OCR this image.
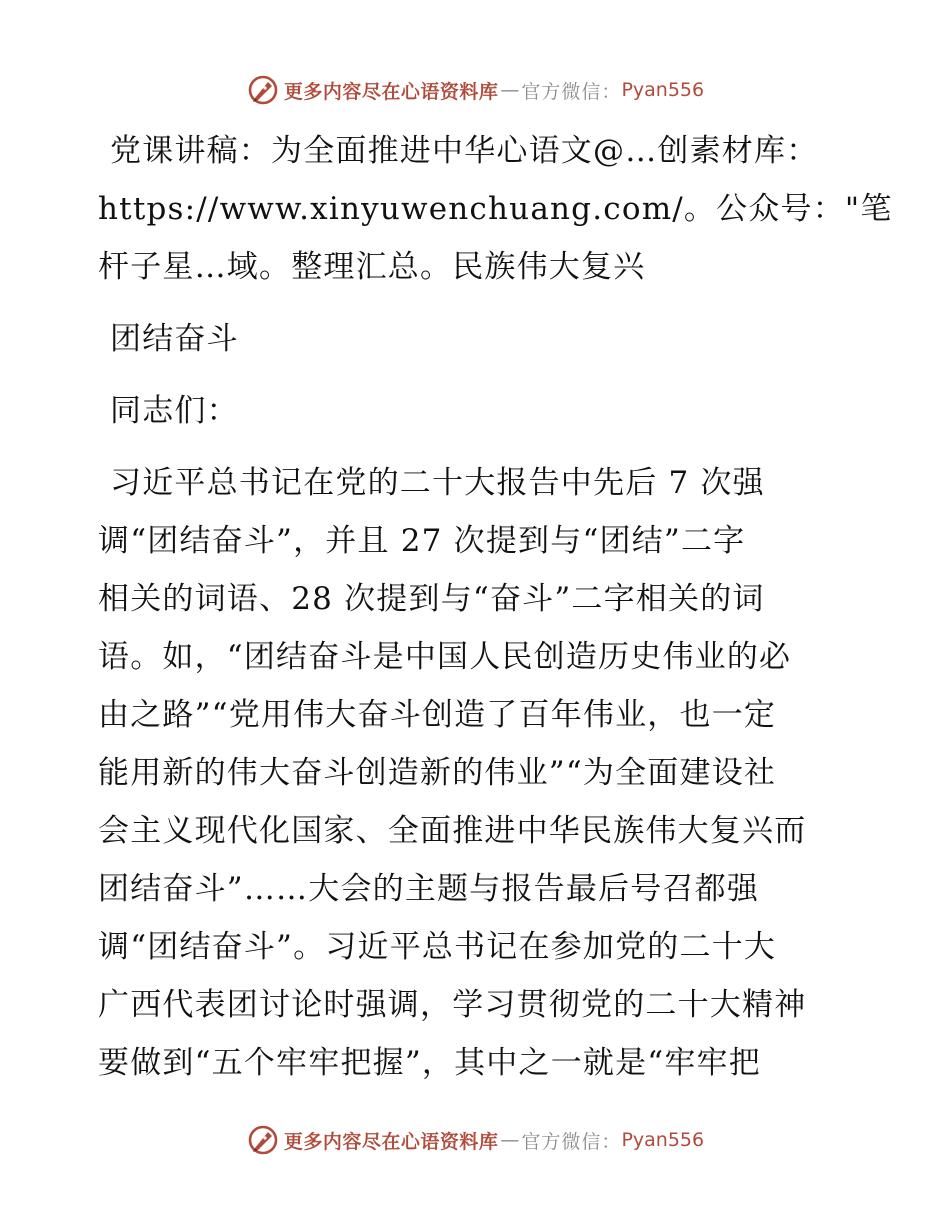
更多内容尽在心语资料库 — 官方微信： Pyan556
党课讲稿：为全面推进中华心语文@…创素材库：
https://www.xinyuwenchuang.com/。公众号："笔
杆子星…域。整理汇总。民族伟大复兴
团结奋斗
同志们：
习近平总书记在党的二十大报告中先后 7 次强
调“团结奋斗”，并且 27 次提到与“团结”二字
相关的词语、28 次提到与“奋斗”二字相关的词
语。如，“团结奋斗是中国人民创造历史伟业的必
由之路”“党用伟大奋斗创造了百年伟业，也一定
能用新的伟大奋斗创造新的伟业”“为全面建设社
会主义现代化国家、全面推进中华民族伟大复兴而
团结奋斗”……大会的主题与报告最后号召都强
调“团结奋斗”。习近平总书记在参加党的二十大
广西代表团讨论时强调，学习贯彻党的二十大精神
要做到“五个牢牢把握”，其中之一就是“牢牢把
更多内容尽在心语资料库 — 官方微信： Pyan556
